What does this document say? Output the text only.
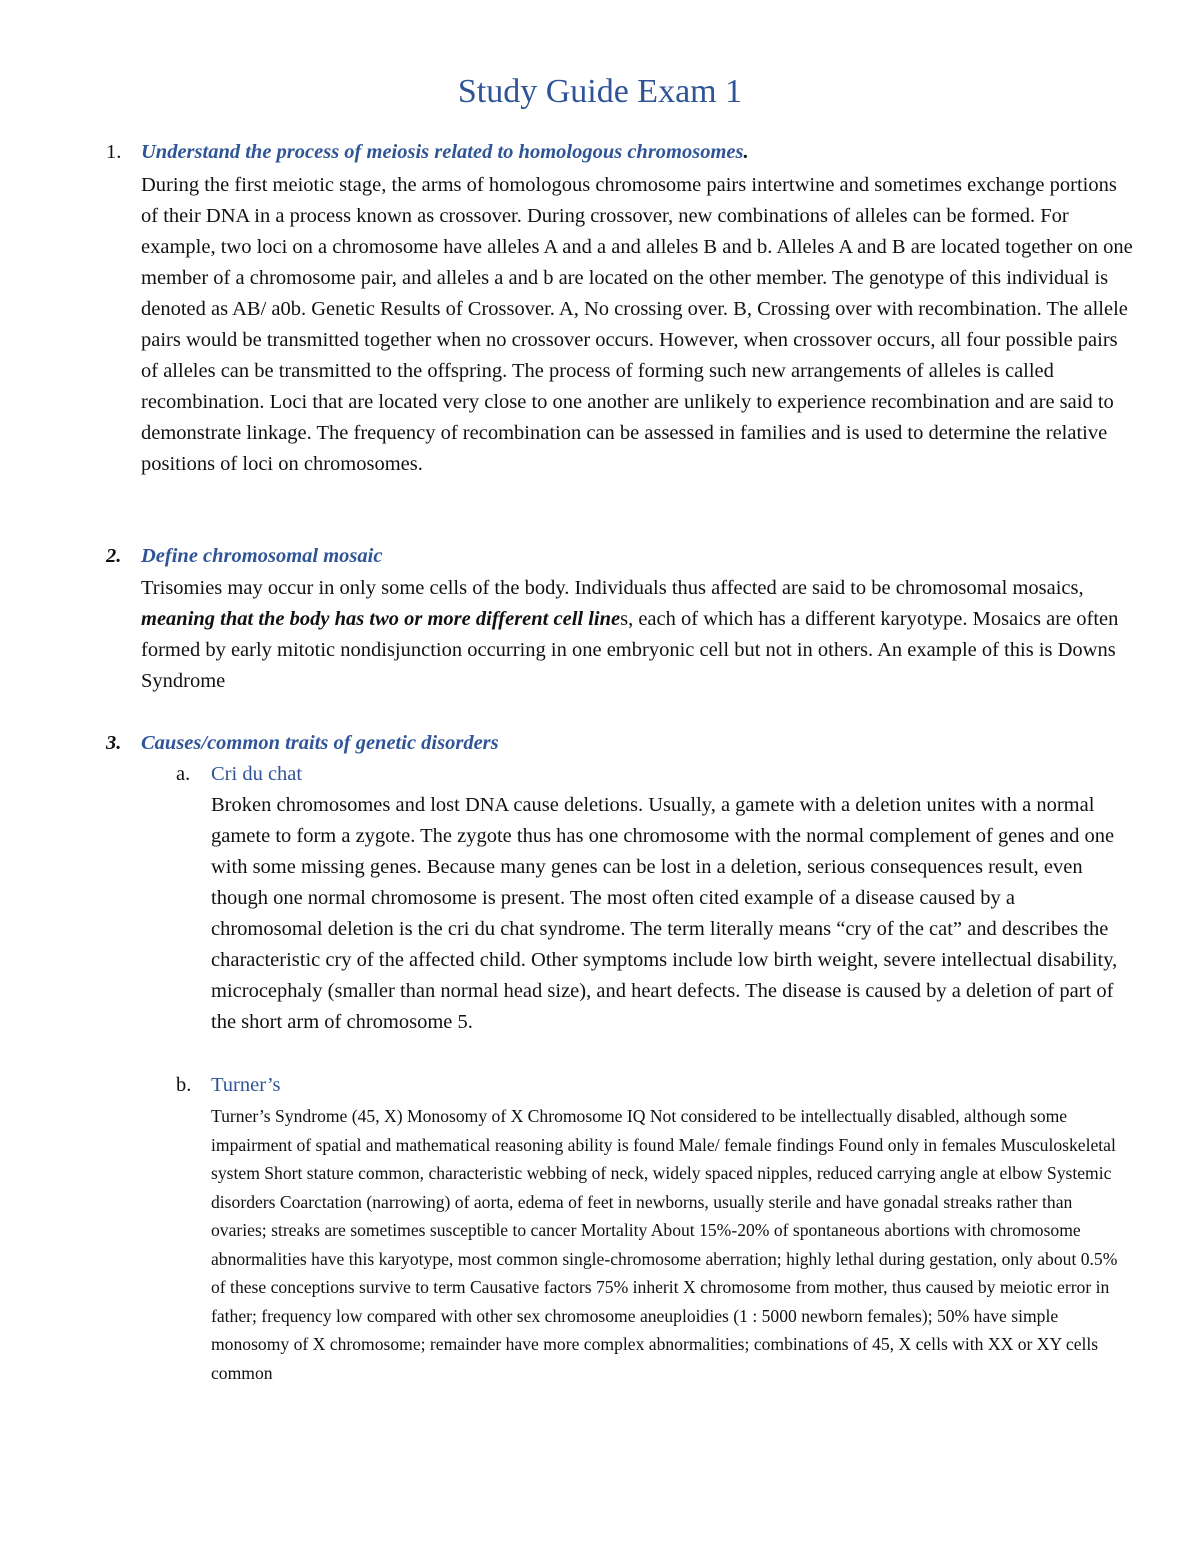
Study Guide Exam 1
1. Understand the process of meiosis related to homologous chromosomes.
During the first meiotic stage, the arms of homologous chromosome pairs intertwine and sometimes exchange portions of their DNA in a process known as crossover. During crossover, new combinations of alleles can be formed. For example, two loci on a chromosome have alleles A and a and alleles B and b. Alleles A and B are located together on one member of a chromosome pair, and alleles a and b are located on the other member. The genotype of this individual is denoted as AB/ a0b. Genetic Results of Crossover. A, No crossing over. B, Crossing over with recombination. The allele pairs would be transmitted together when no crossover occurs. However, when crossover occurs, all four possible pairs of alleles can be transmitted to the offspring. The process of forming such new arrangements of alleles is called recombination. Loci that are located very close to one another are unlikely to experience recombination and are said to demonstrate linkage. The frequency of recombination can be assessed in families and is used to determine the relative positions of loci on chromosomes.
2. Define chromosomal mosaic
Trisomies may occur in only some cells of the body. Individuals thus affected are said to be chromosomal mosaics, meaning that the body has two or more different cell lines, each of which has a different karyotype. Mosaics are often formed by early mitotic nondisjunction occurring in one embryonic cell but not in others. An example of this is Downs Syndrome
3. Causes/common traits of genetic disorders
a. Cri du chat
Broken chromosomes and lost DNA cause deletions. Usually, a gamete with a deletion unites with a normal gamete to form a zygote. The zygote thus has one chromosome with the normal complement of genes and one with some missing genes. Because many genes can be lost in a deletion, serious consequences result, even though one normal chromosome is present. The most often cited example of a disease caused by a chromosomal deletion is the cri du chat syndrome. The term literally means “cry of the cat” and describes the characteristic cry of the affected child. Other symptoms include low birth weight, severe intellectual disability, microcephaly (smaller than normal head size), and heart defects. The disease is caused by a deletion of part of the short arm of chromosome 5.
b. Turner’s
Turner’s Syndrome (45, X) Monosomy of X Chromosome IQ Not considered to be intellectually disabled, although some impairment of spatial and mathematical reasoning ability is found Male/ female findings Found only in females Musculoskeletal system Short stature common, characteristic webbing of neck, widely spaced nipples, reduced carrying angle at elbow Systemic disorders Coarctation (narrowing) of aorta, edema of feet in newborns, usually sterile and have gonadal streaks rather than ovaries; streaks are sometimes susceptible to cancer Mortality About 15%-20% of spontaneous abortions with chromosome abnormalities have this karyotype, most common single-chromosome aberration; highly lethal during gestation, only about 0.5% of these conceptions survive to term Causative factors 75% inherit X chromosome from mother, thus caused by meiotic error in father; frequency low compared with other sex chromosome aneuploidies (1 : 5000 newborn females); 50% have simple monosomy of X chromosome; remainder have more complex abnormalities; combinations of 45, X cells with XX or XY cells common
